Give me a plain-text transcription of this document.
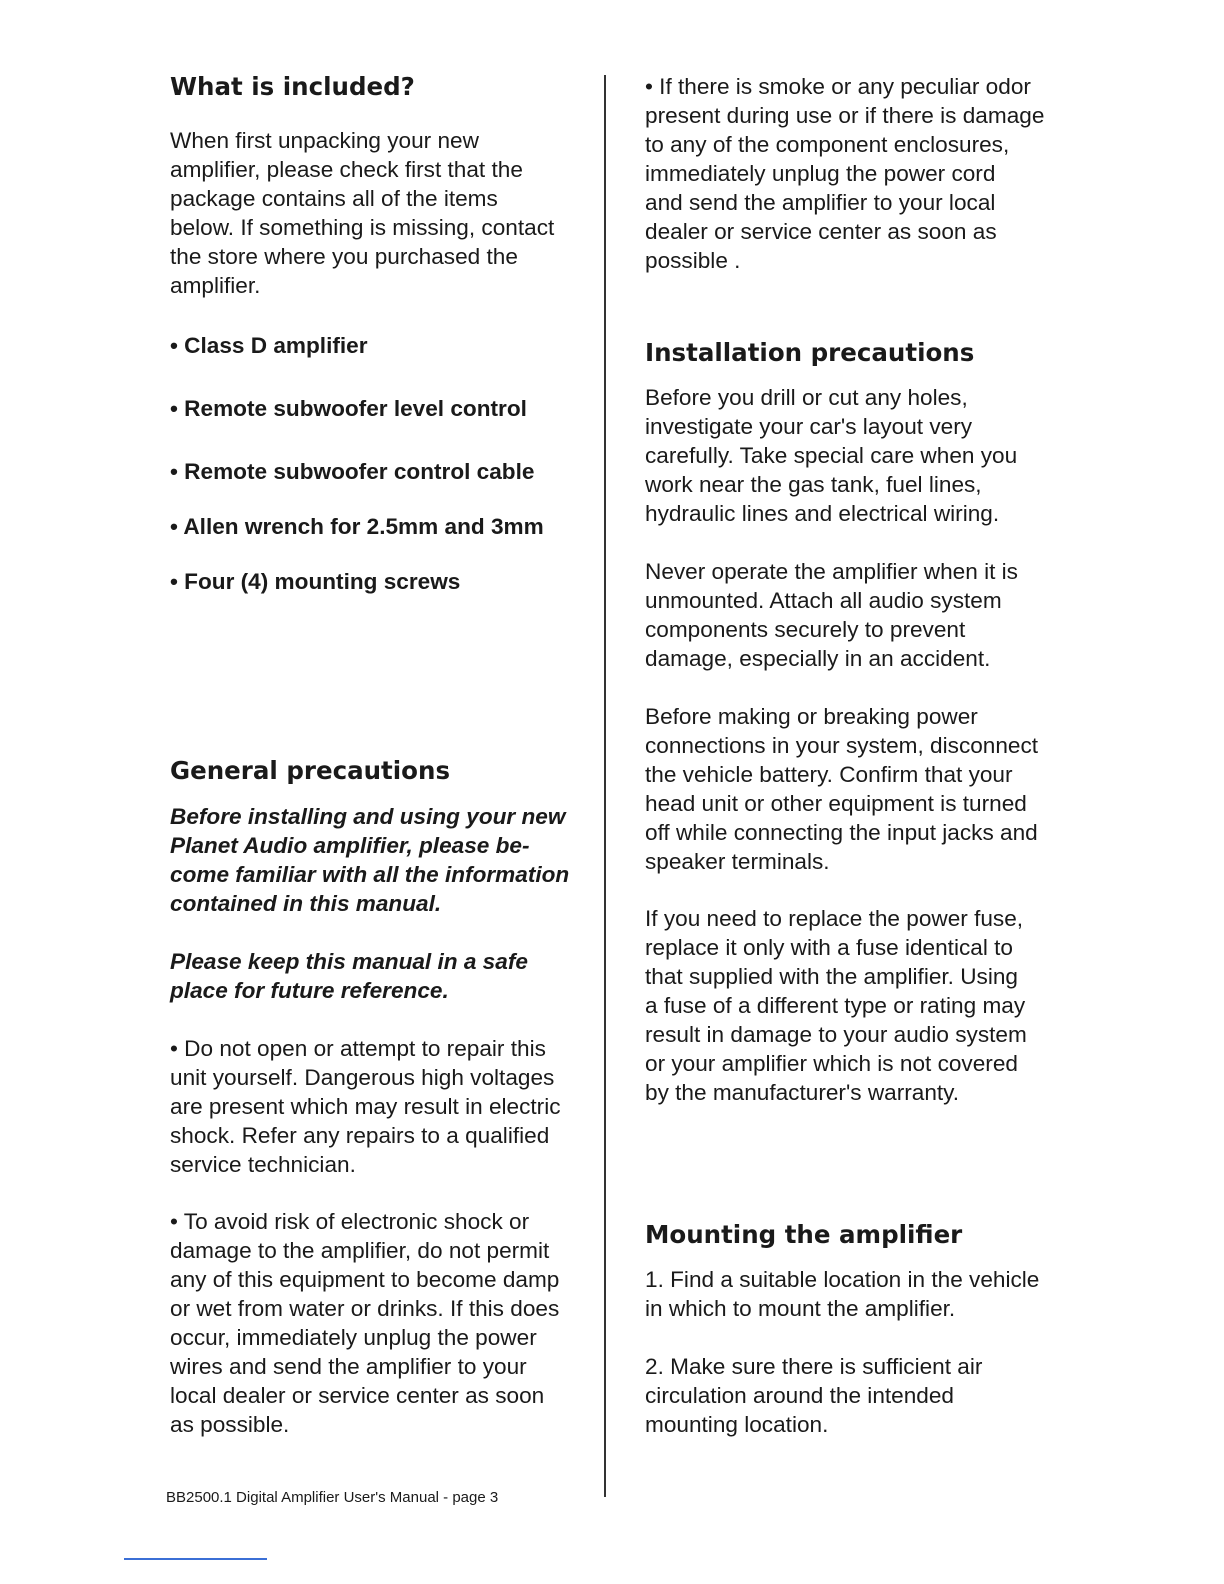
What is included?

When first unpacking your new
amplifier, please check first that the
package contains all of the items
below. If something is missing, contact
the store where you purchased the
amplifier.

• Class D amplifier

• Remote subwoofer level control

• Remote subwoofer control cable

• Allen wrench for 2.5mm and 3mm

• Four (4) mounting screws

General precautions

Before installing and using your new
Planet Audio amplifier, please be-
come familiar with all the information
contained in this manual.

Please keep this manual in a safe
place for future reference.

• Do not open or attempt to repair this
unit yourself. Dangerous high voltages
are present which may result in electric
shock. Refer any repairs to a qualified
service technician.

• To avoid risk of electronic shock or
damage to the amplifier, do not permit
any of this equipment to become damp
or wet from water or drinks. If this does
occur, immediately unplug the power
wires and send the amplifier to your
local dealer or service center as soon
as possible.

• If there is smoke or any peculiar odor
present during use or if there is damage
to any of the component enclosures,
immediately unplug the power cord
and send the amplifier to your local
dealer or service center as soon as
possible .

Installation precautions

Before you drill or cut any holes,
investigate your car's layout very
carefully. Take special care when you
work near the gas tank, fuel lines,
hydraulic lines and electrical wiring.

Never operate the amplifier when it is
unmounted. Attach all audio system
components securely to prevent
damage, especially in an accident.

Before making or breaking power
connections in your system, disconnect
the vehicle battery. Confirm that your
head unit or other equipment is turned
off while connecting the input jacks and
speaker terminals.

If you need to replace the power fuse,
replace it only with a fuse identical to
that supplied with the amplifier. Using
a fuse of a different type or rating may
result in damage to your audio system
or your amplifier which is not covered
by the manufacturer's warranty.

Mounting the amplifier

1. Find a suitable location in the vehicle
in which to mount the amplifier.

2. Make sure there is sufficient air
circulation around the intended
mounting location.

BB2500.1 Digital Amplifier User's Manual - page 3
